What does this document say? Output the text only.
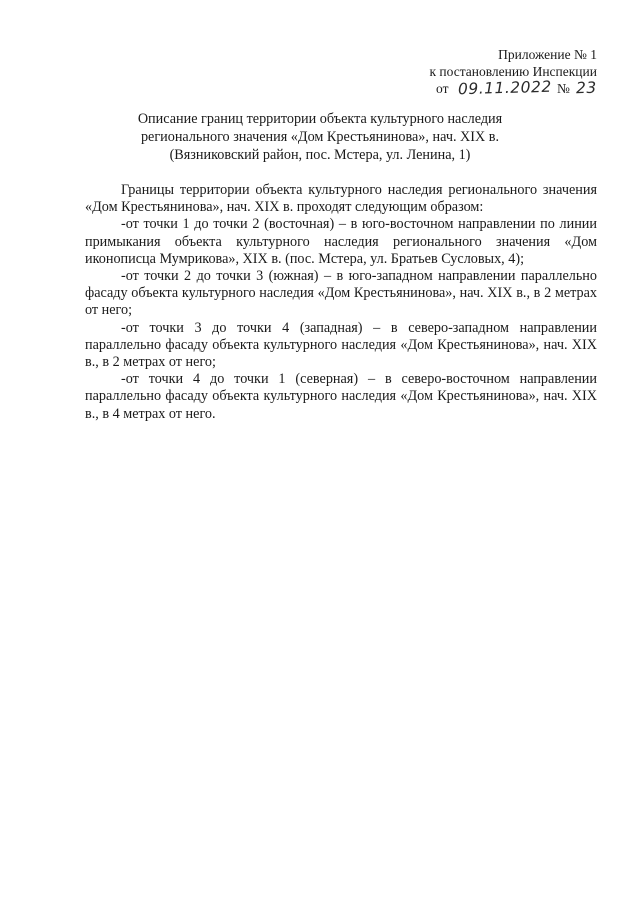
Приложение № 1
к постановлению Инспекции
от 09.11.2022 № 23
Описание границ территории объекта культурного наследия
регионального значения «Дом Крестьянинова», нач. XIX в.
(Вязниковский район, пос. Мстера, ул. Ленина, 1)

Границы территории объекта культурного наследия регионального значения «Дом Крестьянинова», нач. XIX в. проходят следующим образом:

-от точки 1 до точки 2 (восточная) – в юго-восточном направлении по линии примыкания объекта культурного наследия регионального значения «Дом иконописца Мумрикова», XIX в. (пос. Мстера, ул. Братьев Сусловых, 4);

-от точки 2 до точки 3 (южная) – в юго-западном направлении параллельно фасаду объекта культурного наследия «Дом Крестьянинова», нач. XIX в., в 2 метрах от него;

-от точки 3 до точки 4 (западная) – в северо-западном направлении параллельно фасаду объекта культурного наследия «Дом Крестьянинова», нач. XIX в., в 2 метрах от него;

-от точки 4 до точки 1 (северная) – в северо-восточном направлении параллельно фасаду объекта культурного наследия «Дом Крестьянинова», нач. XIX в., в 4 метрах от него.
